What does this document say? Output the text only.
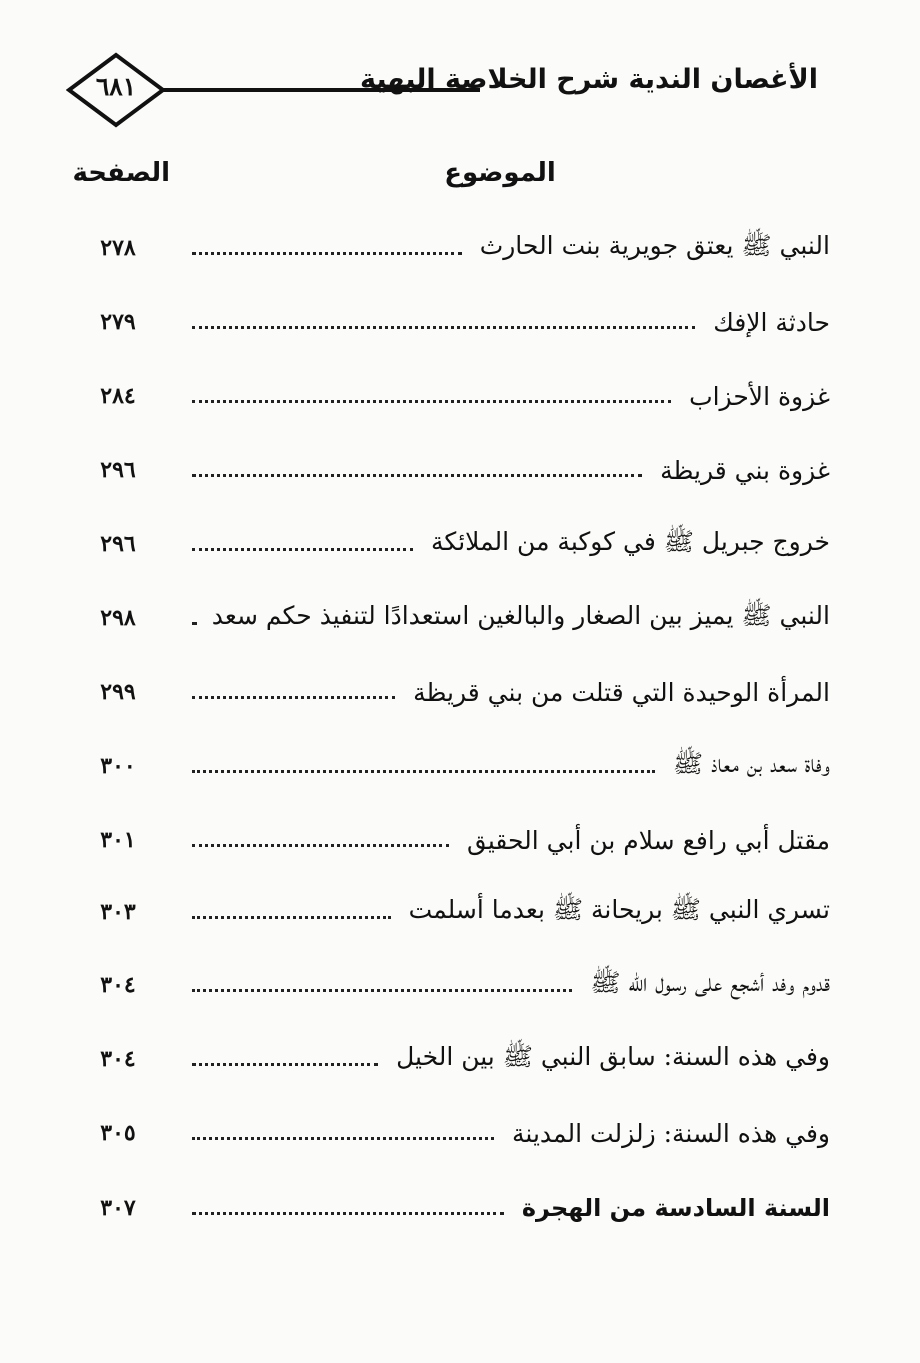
٦٨١	الأغصان الندية شرح الخلاصة البهية
الموضوع
الصفحة
النبي ﷺ يعتق جويرية بنت الحارث
٢٧٨
حادثة الإفك
٢٧٩
غزوة الأحزاب
٢٨٤
غزوة بني قريظة
٢٩٦
خروج جبريل ﷺ في كوكبة من الملائكة
٢٩٦
النبي ﷺ يميز بين الصغار والبالغين استعدادًا لتنفيذ حكم سعد
٢٩٨
المرأة الوحيدة التي قتلت من بني قريظة
٢٩٩
وفاة سعد بن معاذ ﷺ
٣٠٠
مقتل أبي رافع سلام بن أبي الحقيق
٣٠١
تسري النبي ﷺ بريحانة ﷺ بعدما أسلمت
٣٠٣
قدوم وفد أشجع على رسول الله ﷺ
٣٠٤
وفي هذه السنة: سابق النبي ﷺ بين الخيل
٣٠٤
وفي هذه السنة: زلزلت المدينة
٣٠٥
السنة السادسة من الهجرة
٣٠٧
